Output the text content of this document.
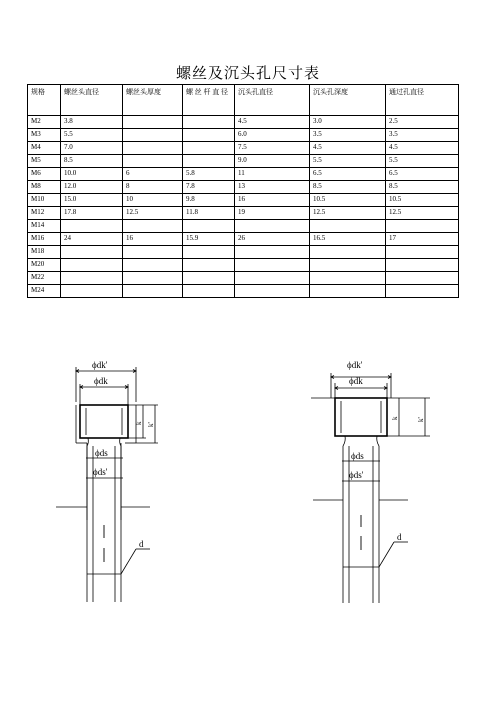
螺丝及沉头孔尺寸表
规格	螺丝头直径	螺丝头厚度	螺 丝 杆 直 径	沉头孔直径	沉头孔深度	通过孔直径
M2	3.8			4.5	3.0	2.5
M3	5.5			6.0	3.5	3.5
M4	7.0			7.5	4.5	4.5
M5	8.5			9.0	5.5	5.5
M6	10.0	6	5.8	11	6.5	6.5
M8	12.0	8	7.8	13	8.5	8.5
M10	15.0	10	9.8	16	10.5	10.5
M12	17.8	12.5	11.8	19	12.5	12.5
M14						
M16	24	16	15.9	26	16.5	17
M18						
M20						
M22						
M24						
ϕdk'
ϕdk
ϕds
ϕds'
d
ϕdk'
ϕdk
ϕds
ϕds'
d
k k'
k	k'
